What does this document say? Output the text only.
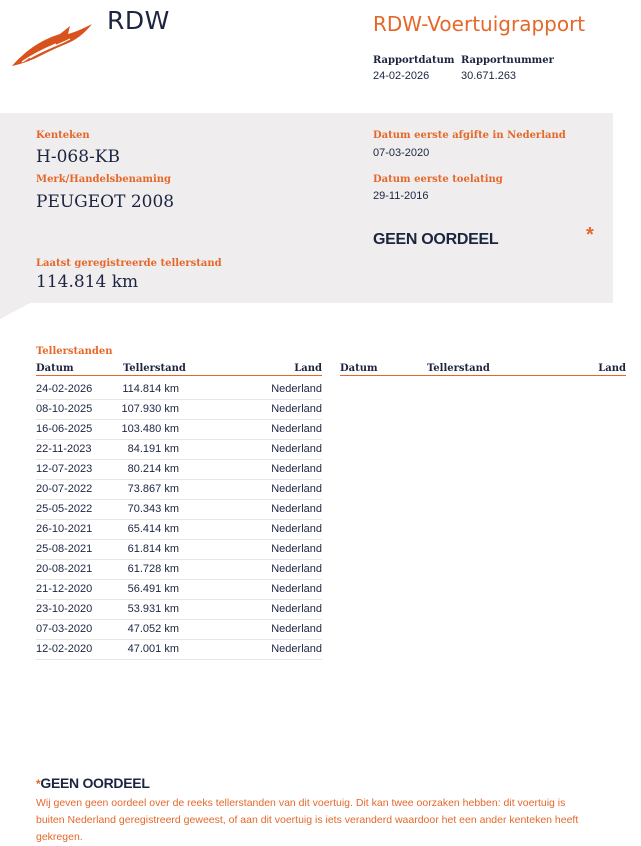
RDW	RDW-Voertuigrapport
Rapportdatum Rapportnummer
24-02-2026	30.671.263
Kenteken
H-068-KB
Merk/Handelsbenaming
PEUGEOT 2008
Datum eerste afgifte in Nederland
07-03-2020
Datum eerste toelating
29-11-2016
GEEN OORDEEL	*
Laatst geregistreerde tellerstand
114.814 km
Tellerstanden
Datum	Tellerstand	Land Datum	Tellerstand	Land
24-02-2026	114.814 km	Nederland
08-10-2025	107.930 km	Nederland
16-06-2025	103.480 km	Nederland
22-11-2023	84.191 km	Nederland
12-07-2023	80.214 km	Nederland
20-07-2022	73.867 km	Nederland
25-05-2022	70.343 km	Nederland
26-10-2021	65.414 km	Nederland
25-08-2021	61.814 km	Nederland
20-08-2021	61.728 km	Nederland
21-12-2020	56.491 km	Nederland
23-10-2020	53.931 km	Nederland
07-03-2020	47.052 km	Nederland
12-02-2020	47.001 km	Nederland
*GEEN OORDEEL
Wij geven geen oordeel over de reeks tellerstanden van dit voertuig. Dit kan twee oorzaken hebben: dit voertuig is buiten Nederland geregistreerd geweest, of aan dit voertuig is iets veranderd waardoor het een ander kenteken heeft gekregen.
